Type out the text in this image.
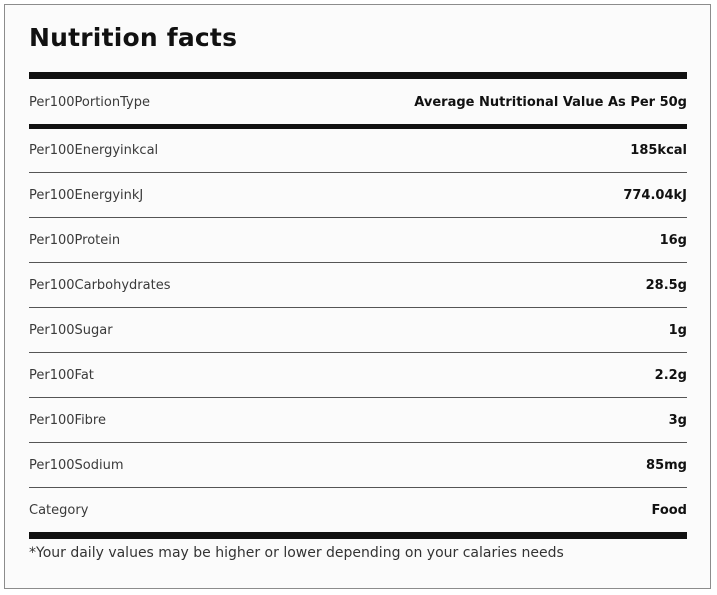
Nutrition facts
Per100PortionType	Average Nutritional Value As Per 50g
Per100Energyinkcal	185kcal
Per100EnergyinkJ	774.04kJ
Per100Protein	16g
Per100Carbohydrates	28.5g
Per100Sugar	1g
Per100Fat	2.2g
Per100Fibre	3g
Per100Sodium	85mg
Category	Food
*Your daily values may be higher or lower depending on your calaries needs
